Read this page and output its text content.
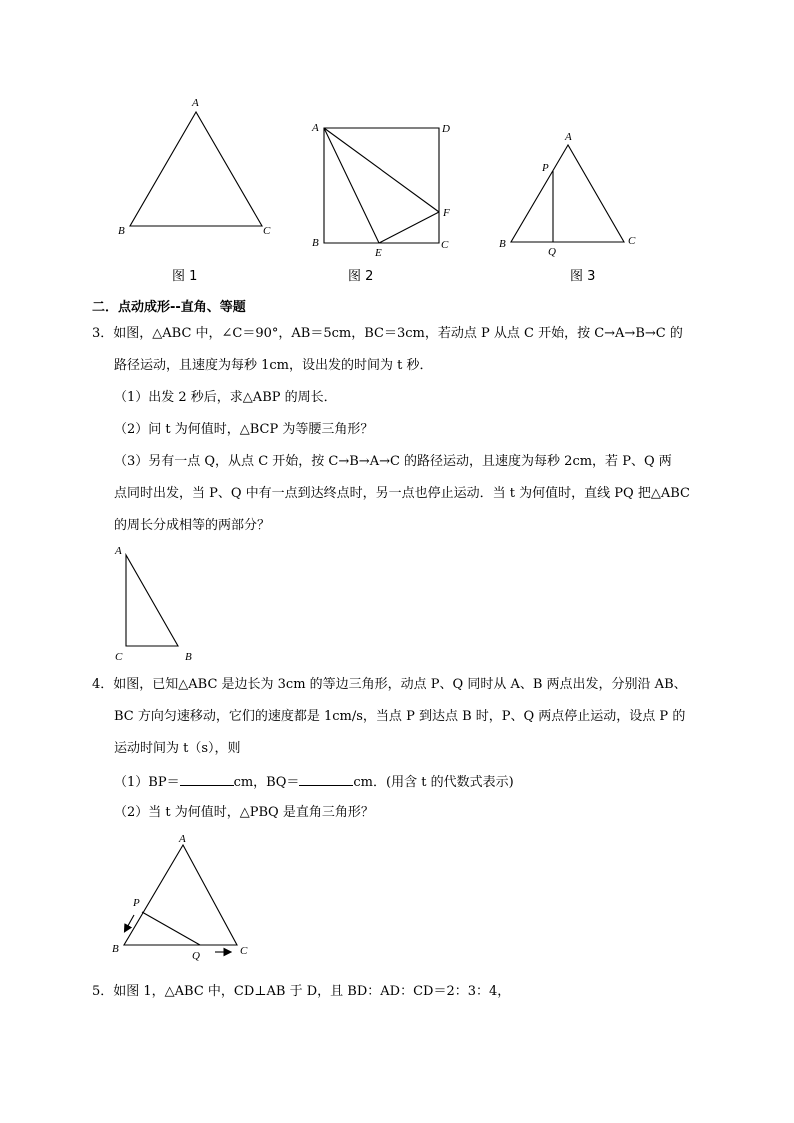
A
B	C
图 1
A	D
F
B
E
C
图 2
A
P
B
Q
C
图 3
二．点动成形--直角、等题
3．如图，△ABC 中，∠C＝90°，AB＝5cm，BC＝3cm，若动点 P 从点 C 开始，按 C→A→B→C 的
路径运动，且速度为每秒 1cm，设出发的时间为 t 秒．
（1）出发 2 秒后，求△ABP 的周长．
（2）问 t 为何值时，△BCP 为等腰三角形？
（3）另有一点 Q，从点 C 开始，按 C→B→A→C 的路径运动，且速度为每秒 2cm，若 P、Q 两
点同时出发，当 P、Q 中有一点到达终点时，另一点也停止运动．当 t 为何值时，直线 PQ 把△ABC
的周长分成相等的两部分？
A
C	B
4．如图，已知△ABC 是边长为 3cm 的等边三角形，动点 P、Q 同时从 A、B 两点出发，分别沿 AB、
BC 方向匀速移动，它们的速度都是 1cm/s，当点 P 到达点 B 时，P、Q 两点停止运动，设点 P 的
运动时间为 t（s），则
（1）BP＝	cm，BQ＝	cm．(用含 t 的代数式表示)
（2）当 t 为何值时，△PBQ 是直角三角形？
A
P
B
Q	C
5．如图 1，△ABC 中，CD⊥AB 于 D，且 BD：AD：CD＝2：3：4，
